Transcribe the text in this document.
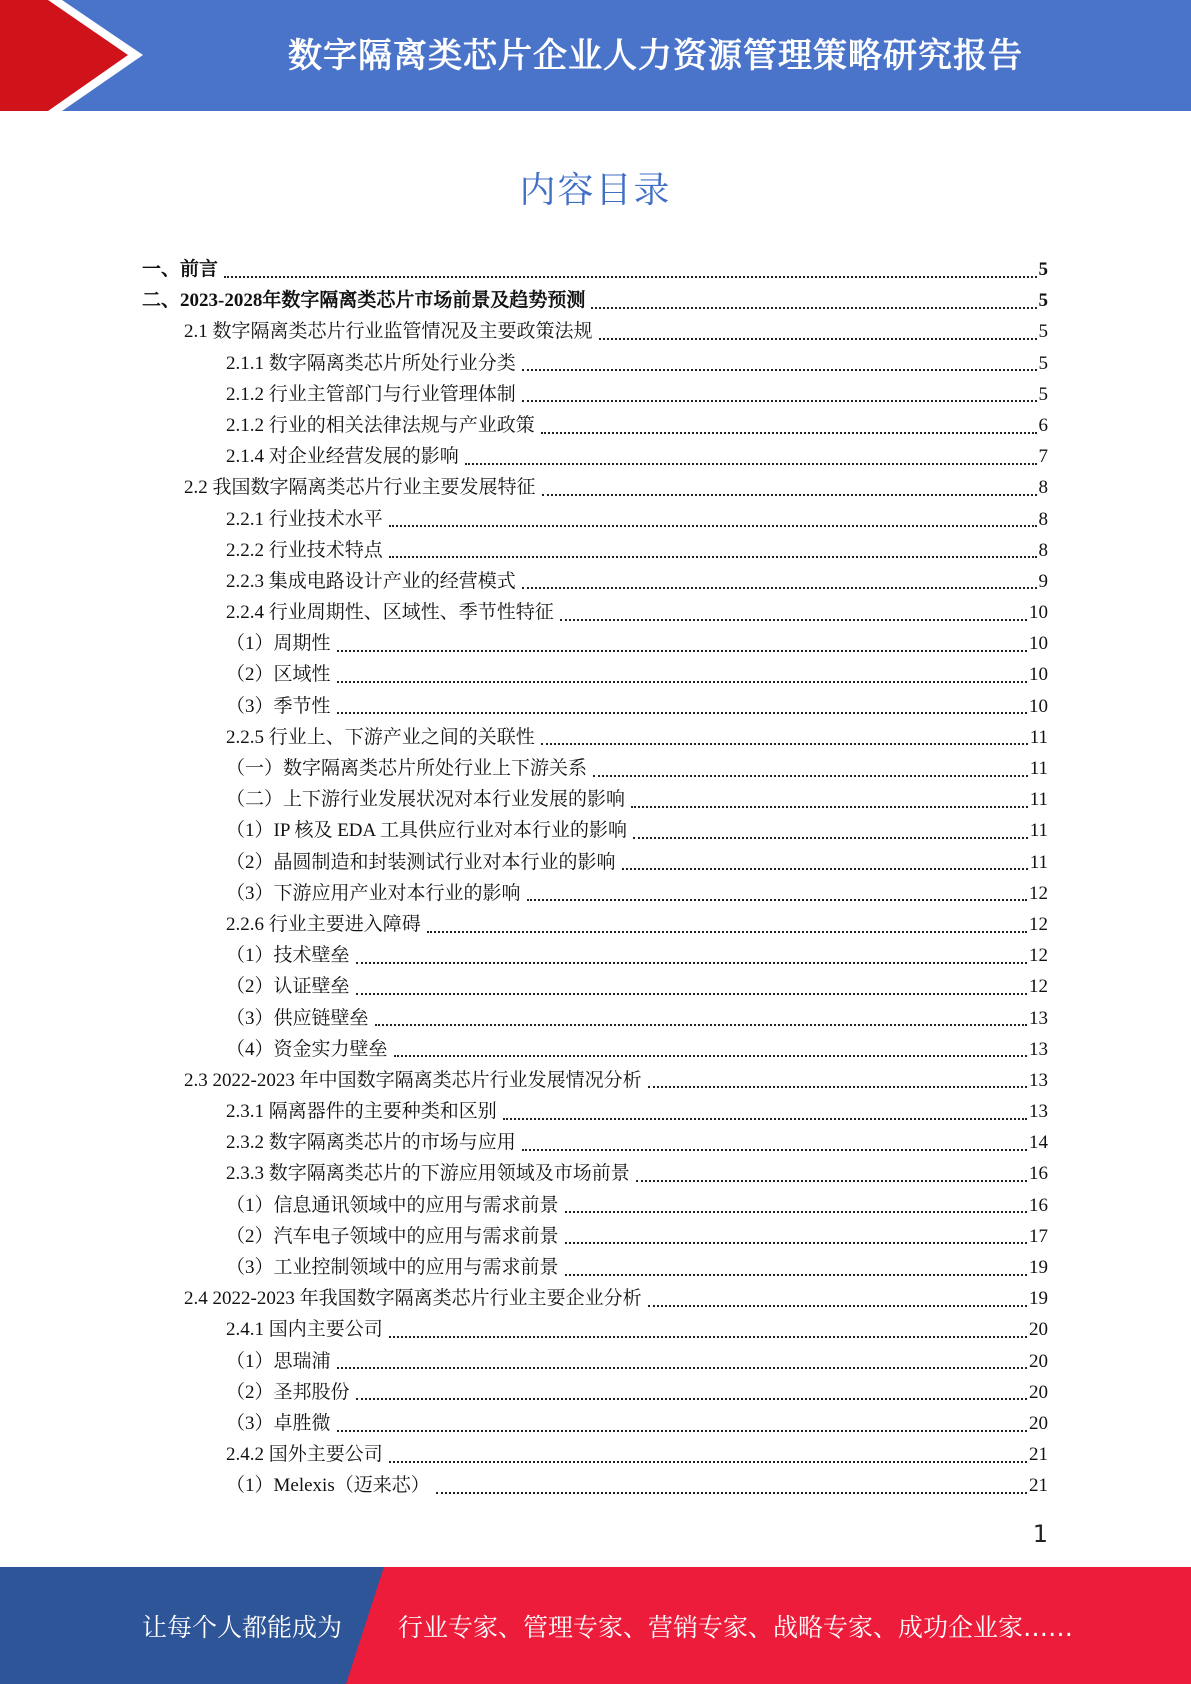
数字隔离类芯片企业人力资源管理策略研究报告
内容目录
一、前言	5
二、2023-2028年数字隔离类芯片市场前景及趋势预测	5
2.1 数字隔离类芯片行业监管情况及主要政策法规	5
2.1.1 数字隔离类芯片所处行业分类	5
2.1.2 行业主管部门与行业管理体制	5
2.1.2 行业的相关法律法规与产业政策	6
2.1.4 对企业经营发展的影响	7
2.2 我国数字隔离类芯片行业主要发展特征	8
2.2.1 行业技术水平	8
2.2.2 行业技术特点	8
2.2.3 集成电路设计产业的经营模式	9
2.2.4 行业周期性、区域性、季节性特征	10
（1）周期性	10
（2）区域性	10
（3）季节性	10
2.2.5 行业上、下游产业之间的关联性	11
（一）数字隔离类芯片所处行业上下游关系	11
（二）上下游行业发展状况对本行业发展的影响	11
（1）IP 核及 EDA 工具供应行业对本行业的影响	11
（2）晶圆制造和封装测试行业对本行业的影响	11
（3）下游应用产业对本行业的影响	12
2.2.6 行业主要进入障碍	12
（1）技术壁垒	12
（2）认证壁垒	12
（3）供应链壁垒	13
（4）资金实力壁垒	13
2.3 2022-2023 年中国数字隔离类芯片行业发展情况分析	13
2.3.1 隔离器件的主要种类和区别	13
2.3.2 数字隔离类芯片的市场与应用	14
2.3.3 数字隔离类芯片的下游应用领域及市场前景	16
（1）信息通讯领域中的应用与需求前景	16
（2）汽车电子领域中的应用与需求前景	17
（3）工业控制领域中的应用与需求前景	19
2.4 2022-2023 年我国数字隔离类芯片行业主要企业分析	19
2.4.1 国内主要公司	20
（1）思瑞浦	20
（2）圣邦股份	20
（3）卓胜微	20
2.4.2 国外主要公司	21
（1）Melexis（迈来芯）	21
1
让每个人都能成为 行业专家、管理专家、营销专家、战略专家、成功企业家……
